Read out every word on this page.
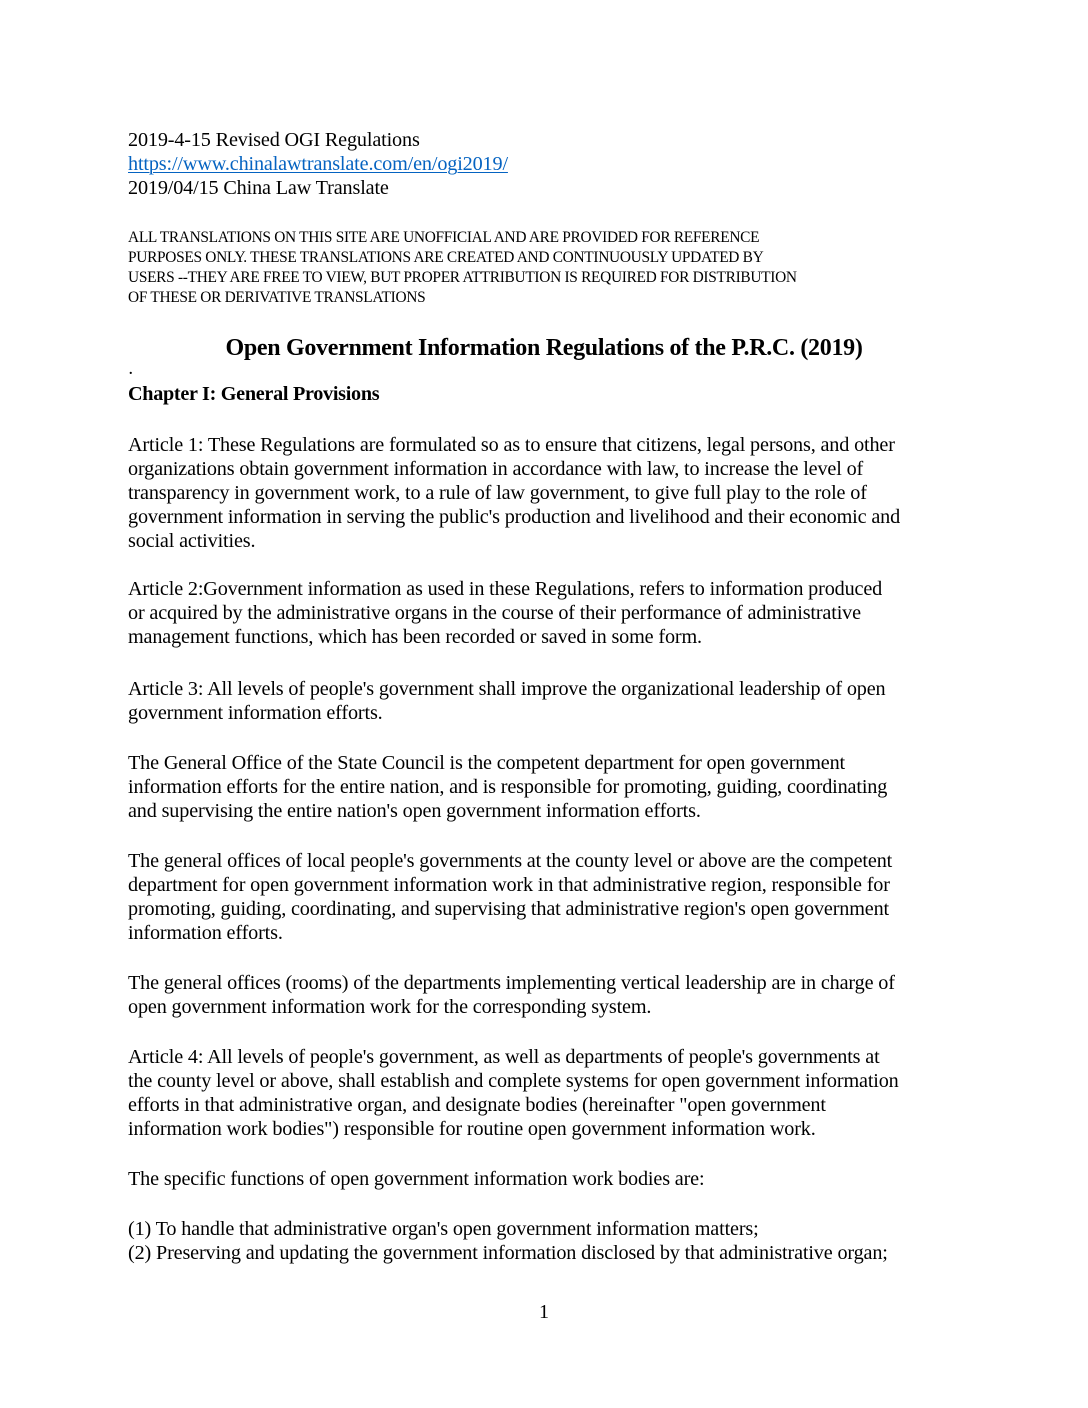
2019-4-15 Revised OGI Regulations
https://www.chinalawtranslate.com/en/ogi2019/
2019/04/15 China Law Translate
ALL TRANSLATIONS ON THIS SITE ARE UNOFFICIAL AND ARE PROVIDED FOR REFERENCE
PURPOSES ONLY. THESE TRANSLATIONS ARE CREATED AND CONTINUOUSLY UPDATED BY
USERS --THEY ARE FREE TO VIEW, BUT PROPER ATTRIBUTION IS REQUIRED FOR DISTRIBUTION
OF THESE OR DERIVATIVE TRANSLATIONS
Open Government Information Regulations of the P.R.C. (2019)
.
Chapter I: General Provisions
Article 1: These Regulations are formulated so as to ensure that citizens, legal persons, and other
organizations obtain government information in accordance with law, to increase the level of
transparency in government work, to a rule of law government, to give full play to the role of
government information in serving the public's production and livelihood and their economic and
social activities.
Article 2:Government information as used in these Regulations, refers to information produced
or acquired by the administrative organs in the course of their performance of administrative
management functions, which has been recorded or saved in some form.
Article 3: All levels of people's government shall improve the organizational leadership of open
government information efforts.
The General Office of the State Council is the competent department for open government
information efforts for the entire nation, and is responsible for promoting, guiding, coordinating
and supervising the entire nation's open government information efforts.
The general offices of local people's governments at the county level or above are the competent
department for open government information work in that administrative region, responsible for
promoting, guiding, coordinating, and supervising that administrative region's open government
information efforts.
The general offices (rooms) of the departments implementing vertical leadership are in charge of
open government information work for the corresponding system.
Article 4: All levels of people's government, as well as departments of people's governments at
the county level or above, shall establish and complete systems for open government information
efforts in that administrative organ, and designate bodies (hereinafter "open government
information work bodies") responsible for routine open government information work.
The specific functions of open government information work bodies are:
(1) To handle that administrative organ's open government information matters;
(2) Preserving and updating the government information disclosed by that administrative organ;
1
